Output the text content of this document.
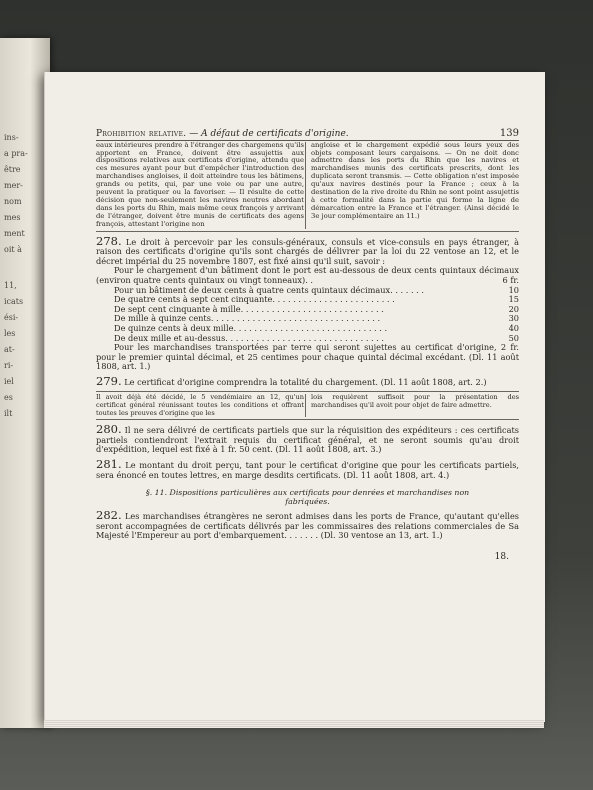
ins-
a pra-
être
mer-
nom
mes
ment
oit à
11,
icats
ési-
les
at-
ri-
iel
es
ilt
Prohibition relative. — A défaut de certificats d'origine.	139
eaux intérieures prendre à l'étranger des chargemens qu'ils apportent en France, doivent être assujettis aux dispositions relatives aux certificats d'origine, attendu que ces mesures ayant pour but d'empêcher l'introduction des marchandises angloises, il doit atteindre tous les bâtimens, grands ou petits, qui, par une voie ou par une autre, peuvent la pratiquer ou la favoriser. — Il résulte de cette décision que non-seulement les navires neutres abordant dans les ports du Rhin, mais même ceux françois y arrivant de l'étranger, doivent être munis de certificats des agens françois, attestant l'origine non
angloise et le chargement expédié sous leurs yeux des objets composant leurs cargaisons. — On ne doit donc admettre dans les ports du Rhin que les navires et marchandises munis des certificats prescrits, dont les duplicata seront transmis. — Cette obligation n'est imposée qu'aux navires destinés pour la France ; ceux à la destination de la rive droite du Rhin ne sont point assujettis à cette formalité dans la partie qui forme la ligne de démarcation entre la France et l'étranger. (Ainsi décidé le 3e jour complémentaire an 11.)
278. Le droit à percevoir par les consuls-généraux, consuls et vice-consuls en pays étranger, à raison des certificats d'origine qu'ils sont chargés de délivrer par la loi du 22 ventose an 12, et le décret impérial du 25 novembre 1807, est fixé ainsi qu'il suit, savoir :
Pour le chargement d'un bâtiment dont le port est au-dessous de deux cents quintaux décimaux (environ quatre cents quintaux ou vingt tonneaux). .	6 fr.
Pour un bâtiment de deux cents à quatre cents quintaux décimaux. . . . . . .	10
De quatre cents à sept cent cinquante. . . . . . . . . . . . . . . . . . . . . . . .	15
De sept cent cinquante à mille. . . . . . . . . . . . . . . . . . . . . . . . . . . .	20
De mille à quinze cents. . . . . . . . . . . . . . . . . . . . . . . . . . . . . . . . .	30
De quinze cents à deux mille. . . . . . . . . . . . . . . . . . . . . . . . . . . . . .	40
De deux mille et au-dessus. . . . . . . . . . . . . . . . . . . . . . . . . . . . . . .	50
Pour les marchandises transportées par terre qui seront sujettes au certificat d'origine, 2 fr. pour le premier quintal décimal, et 25 centimes pour chaque quintal décimal excédant. (Dl. 11 août 1808, art. 1.)
279. Le certificat d'origine comprendra la totalité du chargement. (Dl. 11 août 1808, art. 2.)
Il avoit déjà été décidé, le 5 vendémiaire an 12, qu'un certificat général réunissant toutes les conditions et offrant toutes les preuves d'origine que les
lois requièrent suffisoit pour la présentation des marchandises qu'il avoit pour objet de faire admettre.
280. Il ne sera délivré de certificats partiels que sur la réquisition des expéditeurs : ces certificats partiels contiendront l'extrait requis du certificat général, et ne seront soumis qu'au droit d'expédition, lequel est fixé à 1 fr. 50 cent. (Dl. 11 août 1808, art. 3.)
281. Le montant du droit perçu, tant pour le certificat d'origine que pour les certificats partiels, sera énoncé en toutes lettres, en marge desdits certificats. (Dl. 11 août 1808, art. 4.)
§. 11. Dispositions particulières aux certificats pour denrées et marchandises non fabriquées.
282. Les marchandises étrangères ne seront admises dans les ports de France, qu'autant qu'elles seront accompagnées de certificats délivrés par les commissaires des relations commerciales de Sa Majesté l'Empereur au port d'embarquement. . . . . . . (Dl. 30 ventose an 13, art. 1.)
18.
